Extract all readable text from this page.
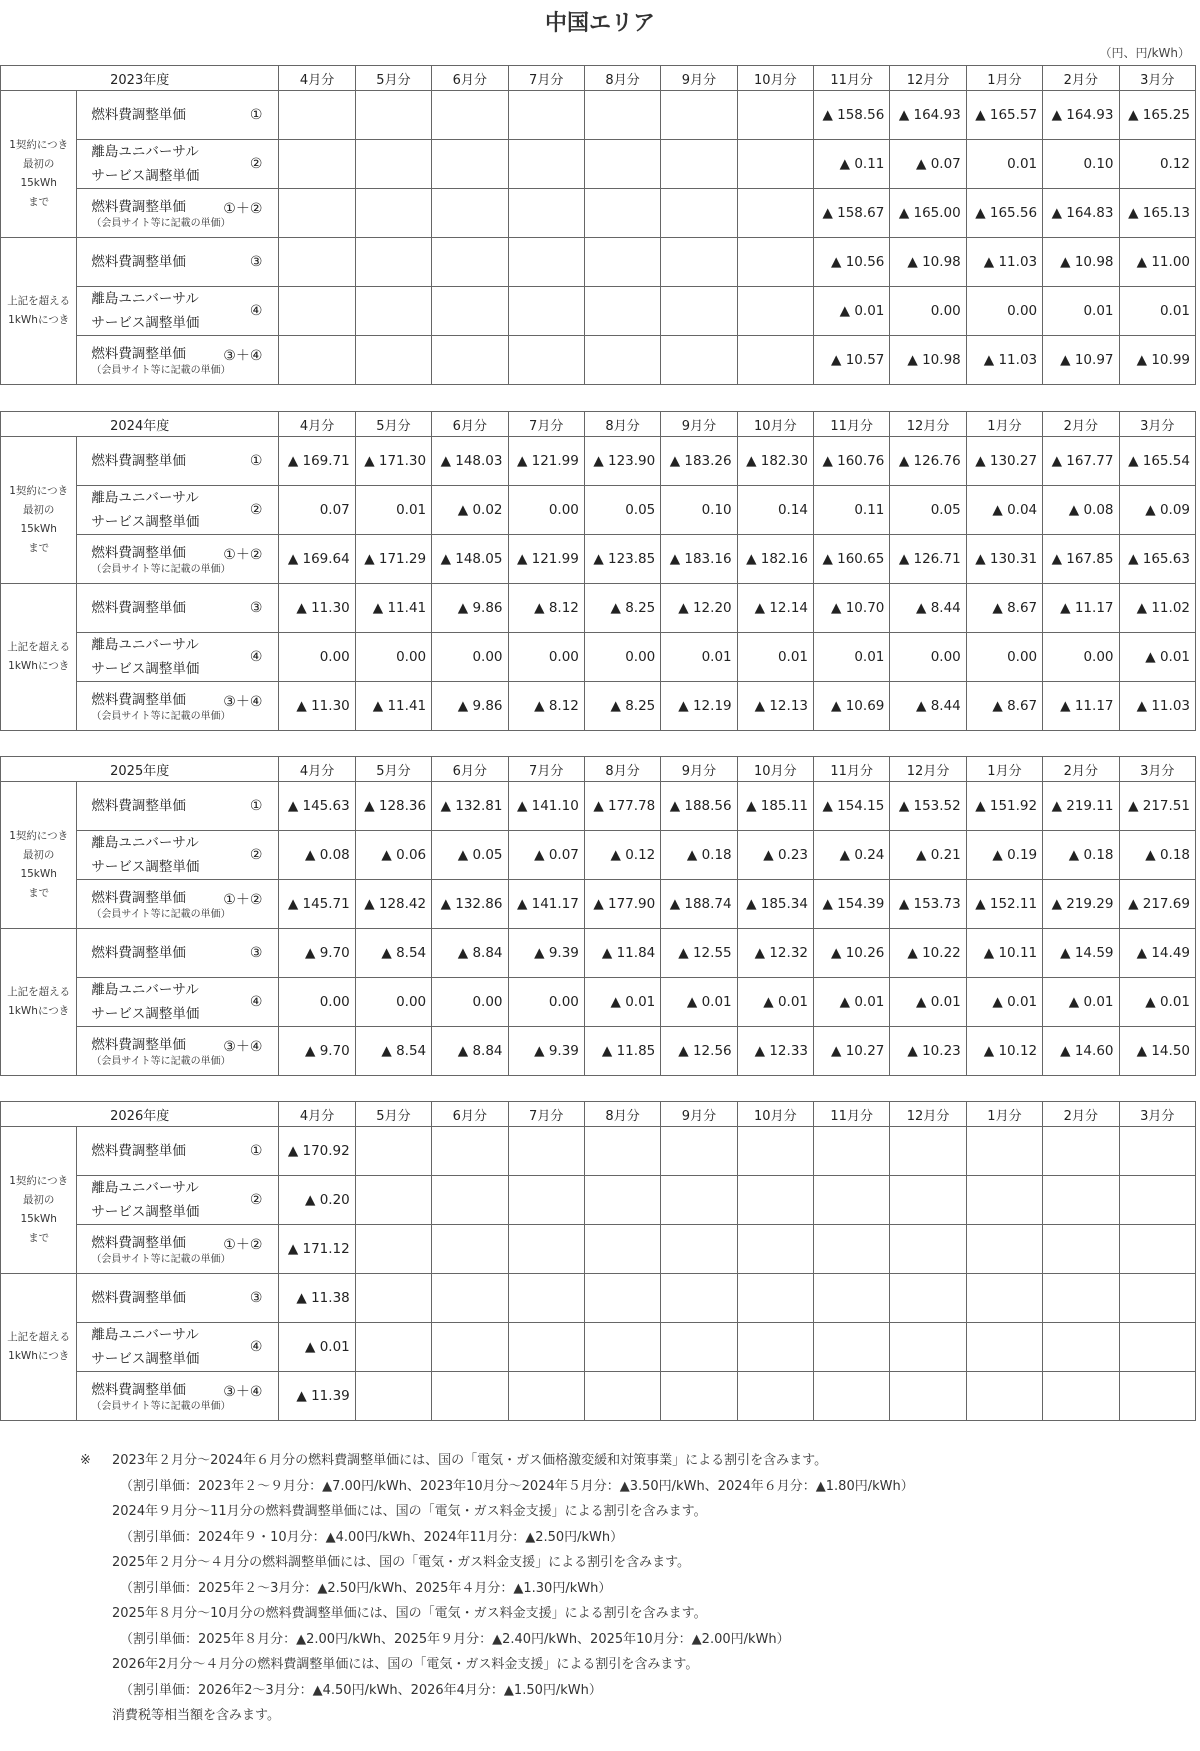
中国エリア
（円、円/kWh）
2023年度		4月分	5月分	6月分	7月分	8月分	9月分	10月分	11月分	12月分	1月分	2月分	3月分

1契約につき
最初の
15kWh
まで	燃料費調整単価 ①								▲ 158.56	▲ 164.93	▲ 165.57	▲ 164.93	▲ 165.25

	離島ユニバーサル
サービス調整単価
②								▲ 0.11	▲ 0.07	0.01	0.10	0.12

	燃料費調整単価
（会員サイト等に記載の単価）
①＋②								▲ 158.67	▲ 165.00	▲ 165.56	▲ 164.83	▲ 165.13

上記を超える
1kWhにつき	燃料費調整単価 ③								▲ 10.56	▲ 10.98	▲ 11.03	▲ 10.98	▲ 11.00

	離島ユニバーサル
サービス調整単価
④								▲ 0.01	0.00	0.00	0.01	0.01

	燃料費調整単価
（会員サイト等に記載の単価）
③＋④								▲ 10.57	▲ 10.98	▲ 11.03	▲ 10.97	▲ 10.99
2024年度		4月分	5月分	6月分	7月分	8月分	9月分	10月分	11月分	12月分	1月分	2月分	3月分

1契約につき
最初の
15kWh
まで	燃料費調整単価 ①	▲ 169.71	▲ 171.30	▲ 148.03	▲ 121.99	▲ 123.90	▲ 183.26	▲ 182.30	▲ 160.76	▲ 126.76	▲ 130.27	▲ 167.77	▲ 165.54

	離島ユニバーサル
サービス調整単価
②	0.07	0.01	▲ 0.02	0.00	0.05	0.10	0.14	0.11	0.05	▲ 0.04	▲ 0.08	▲ 0.09

	燃料費調整単価
（会員サイト等に記載の単価）
①＋②	▲ 169.64	▲ 171.29	▲ 148.05	▲ 121.99	▲ 123.85	▲ 183.16	▲ 182.16	▲ 160.65	▲ 126.71	▲ 130.31	▲ 167.85	▲ 165.63

上記を超える
1kWhにつき	燃料費調整単価 ③	▲ 11.30	▲ 11.41	▲ 9.86	▲ 8.12	▲ 8.25	▲ 12.20	▲ 12.14	▲ 10.70	▲ 8.44	▲ 8.67	▲ 11.17	▲ 11.02

	離島ユニバーサル
サービス調整単価
④	0.00	0.00	0.00	0.00	0.00	0.01	0.01	0.01	0.00	0.00	0.00	▲ 0.01

	燃料費調整単価
（会員サイト等に記載の単価）
③＋④	▲ 11.30	▲ 11.41	▲ 9.86	▲ 8.12	▲ 8.25	▲ 12.19	▲ 12.13	▲ 10.69	▲ 8.44	▲ 8.67	▲ 11.17	▲ 11.03
2025年度		4月分	5月分	6月分	7月分	8月分	9月分	10月分	11月分	12月分	1月分	2月分	3月分

1契約につき
最初の
15kWh
まで	燃料費調整単価 ①	▲ 145.63	▲ 128.36	▲ 132.81	▲ 141.10	▲ 177.78	▲ 188.56	▲ 185.11	▲ 154.15	▲ 153.52	▲ 151.92	▲ 219.11	▲ 217.51

	離島ユニバーサル
サービス調整単価
②	▲ 0.08	▲ 0.06	▲ 0.05	▲ 0.07	▲ 0.12	▲ 0.18	▲ 0.23	▲ 0.24	▲ 0.21	▲ 0.19	▲ 0.18	▲ 0.18

	燃料費調整単価
（会員サイト等に記載の単価）
①＋②	▲ 145.71	▲ 128.42	▲ 132.86	▲ 141.17	▲ 177.90	▲ 188.74	▲ 185.34	▲ 154.39	▲ 153.73	▲ 152.11	▲ 219.29	▲ 217.69

上記を超える
1kWhにつき	燃料費調整単価 ③	▲ 9.70	▲ 8.54	▲ 8.84	▲ 9.39	▲ 11.84	▲ 12.55	▲ 12.32	▲ 10.26	▲ 10.22	▲ 10.11	▲ 14.59	▲ 14.49

	離島ユニバーサル
サービス調整単価
④	0.00	0.00	0.00	0.00	▲ 0.01	▲ 0.01	▲ 0.01	▲ 0.01	▲ 0.01	▲ 0.01	▲ 0.01	▲ 0.01

	燃料費調整単価
（会員サイト等に記載の単価）
③＋④	▲ 9.70	▲ 8.54	▲ 8.84	▲ 9.39	▲ 11.85	▲ 12.56	▲ 12.33	▲ 10.27	▲ 10.23	▲ 10.12	▲ 14.60	▲ 14.50
2026年度		4月分	5月分	6月分	7月分	8月分	9月分	10月分	11月分	12月分	1月分	2月分	3月分

1契約につき
最初の
15kWh
まで	燃料費調整単価 ①	▲ 170.92											

	離島ユニバーサル
サービス調整単価
②	▲ 0.20											

	燃料費調整単価
（会員サイト等に記載の単価）
①＋②	▲ 171.12											

上記を超える
1kWhにつき	燃料費調整単価 ③	▲ 11.38											

	離島ユニバーサル
サービス調整単価
④	▲ 0.01											

	燃料費調整単価
（会員サイト等に記載の単価）
③＋④	▲ 11.39											
※	2023年２月分～2024年６月分の燃料費調整単価には、国の「電気・ガス価格激変緩和対策事業」による割引を含みます。
（割引単価：2023年２～９月分：▲7.00円/kWh、2023年10月分～2024年５月分：▲3.50円/kWh、2024年６月分：▲1.80円/kWh）
2024年９月分～11月分の燃料費調整単価には、国の「電気・ガス料金支援」による割引を含みます。
（割引単価：2024年９・10月分：▲4.00円/kWh、2024年11月分：▲2.50円/kWh）
2025年２月分～４月分の燃料調整単価には、国の「電気・ガス料金支援」による割引を含みます。
（割引単価：2025年２～3月分：▲2.50円/kWh、2025年４月分：▲1.30円/kWh）
2025年８月分～10月分の燃料費調整単価には、国の「電気・ガス料金支援」による割引を含みます。
（割引単価：2025年８月分：▲2.00円/kWh、2025年９月分：▲2.40円/kWh、2025年10月分：▲2.00円/kWh）
2026年2月分～４月分の燃料費調整単価には、国の「電気・ガス料金支援」による割引を含みます。
（割引単価：2026年2～3月分：▲4.50円/kWh、2026年4月分：▲1.50円/kWh）
消費税等相当額を含みます。
